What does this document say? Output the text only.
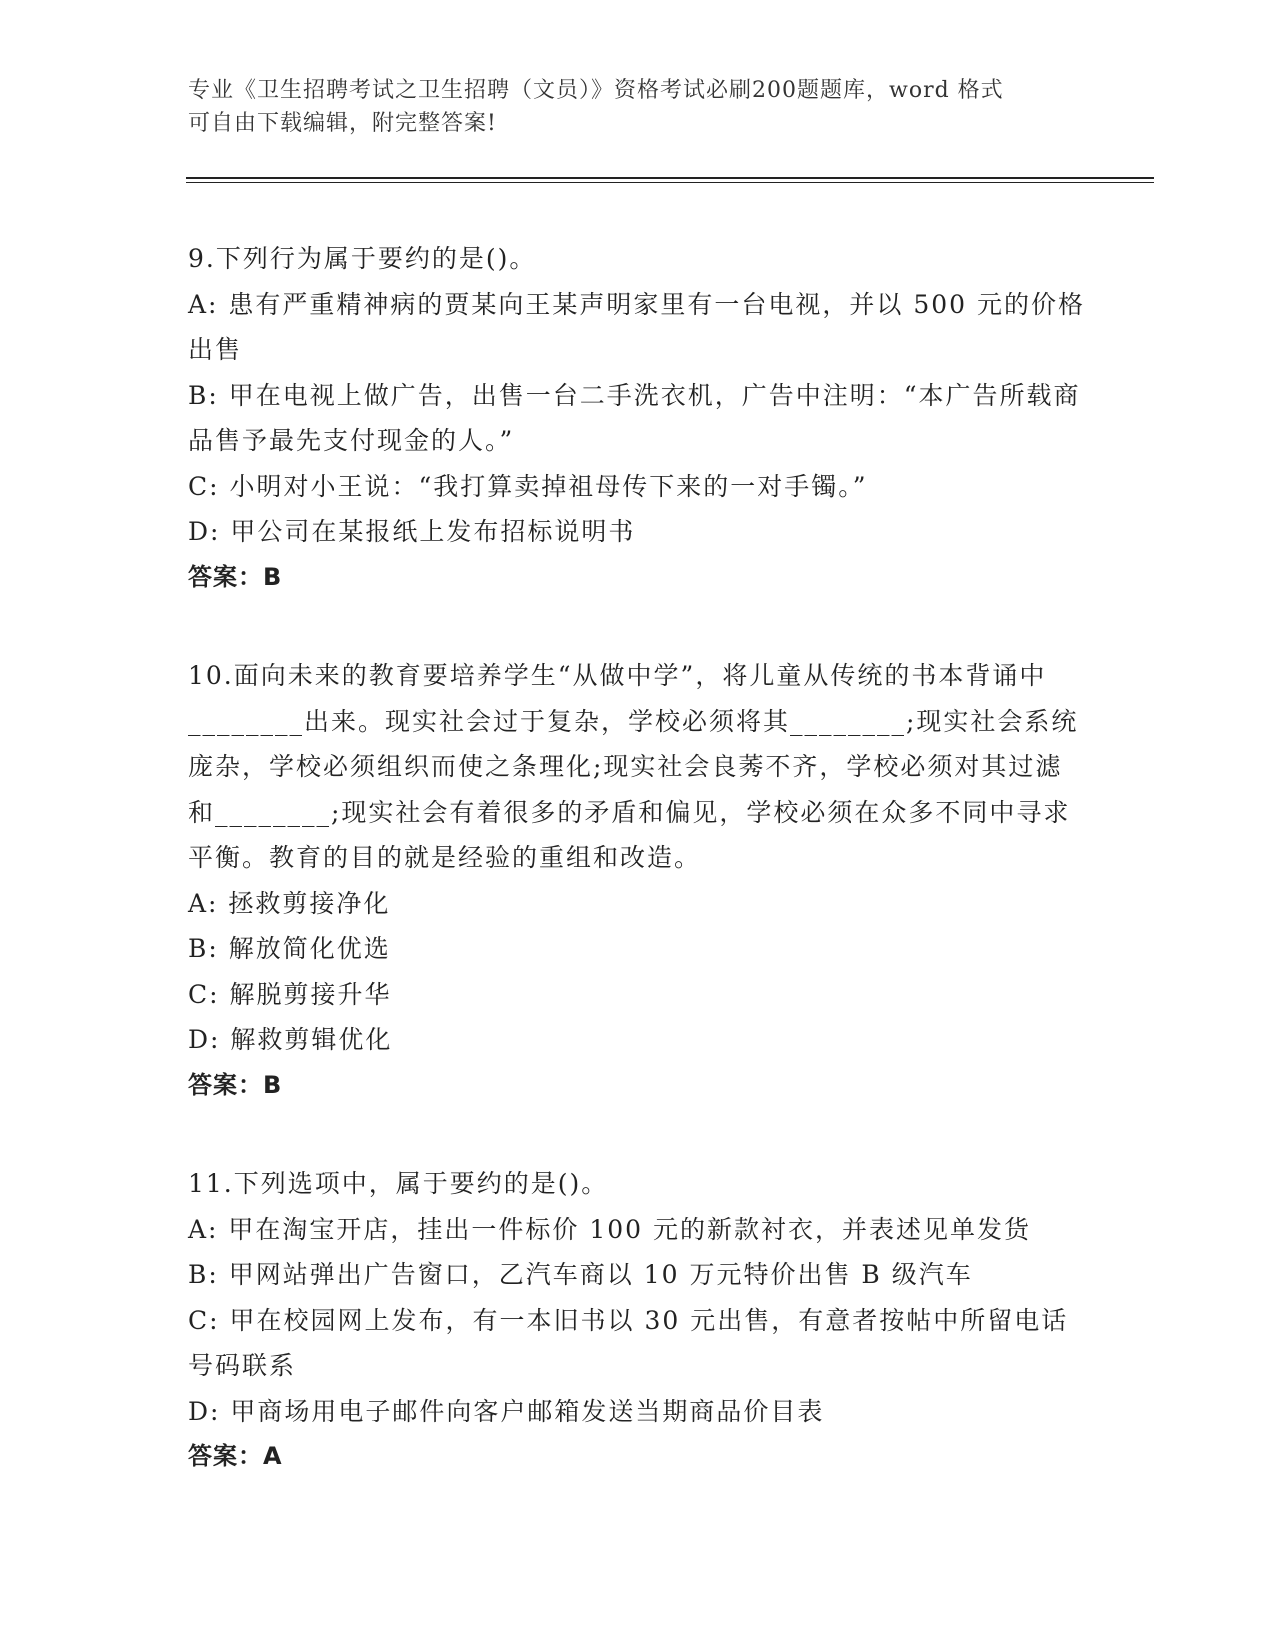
专业《卫生招聘考试之卫生招聘（文员）》资格考试必刷200题题库，word 格式
可自由下载编辑，附完整答案!

9.下列行为属于要约的是()。

A: 患有严重精神病的贾某向王某声明家里有一台电视，并以 500 元的价格出售

B: 甲在电视上做广告，出售一台二手洗衣机，广告中注明：“本广告所载商品售予最先支付现金的人。”

C: 小明对小王说：“我打算卖掉祖母传下来的一对手镯。”

D: 甲公司在某报纸上发布招标说明书

答案：B

10.面向未来的教育要培养学生“从做中学”，将儿童从传统的书本背诵中________出来。现实社会过于复杂，学校必须将其________;现实社会系统庞杂，学校必须组织而使之条理化;现实社会良莠不齐，学校必须对其过滤和________;现实社会有着很多的矛盾和偏见，学校必须在众多不同中寻求平衡。教育的目的就是经验的重组和改造。

A: 拯救剪接净化

B: 解放简化优选

C: 解脱剪接升华

D: 解救剪辑优化

答案：B

11.下列选项中，属于要约的是()。

A: 甲在淘宝开店，挂出一件标价 100 元的新款衬衣，并表述见单发货

B: 甲网站弹出广告窗口，乙汽车商以 10 万元特价出售 B 级汽车

C: 甲在校园网上发布，有一本旧书以 30 元出售，有意者按帖中所留电话号码联系

D: 甲商场用电子邮件向客户邮箱发送当期商品价目表

答案：A
